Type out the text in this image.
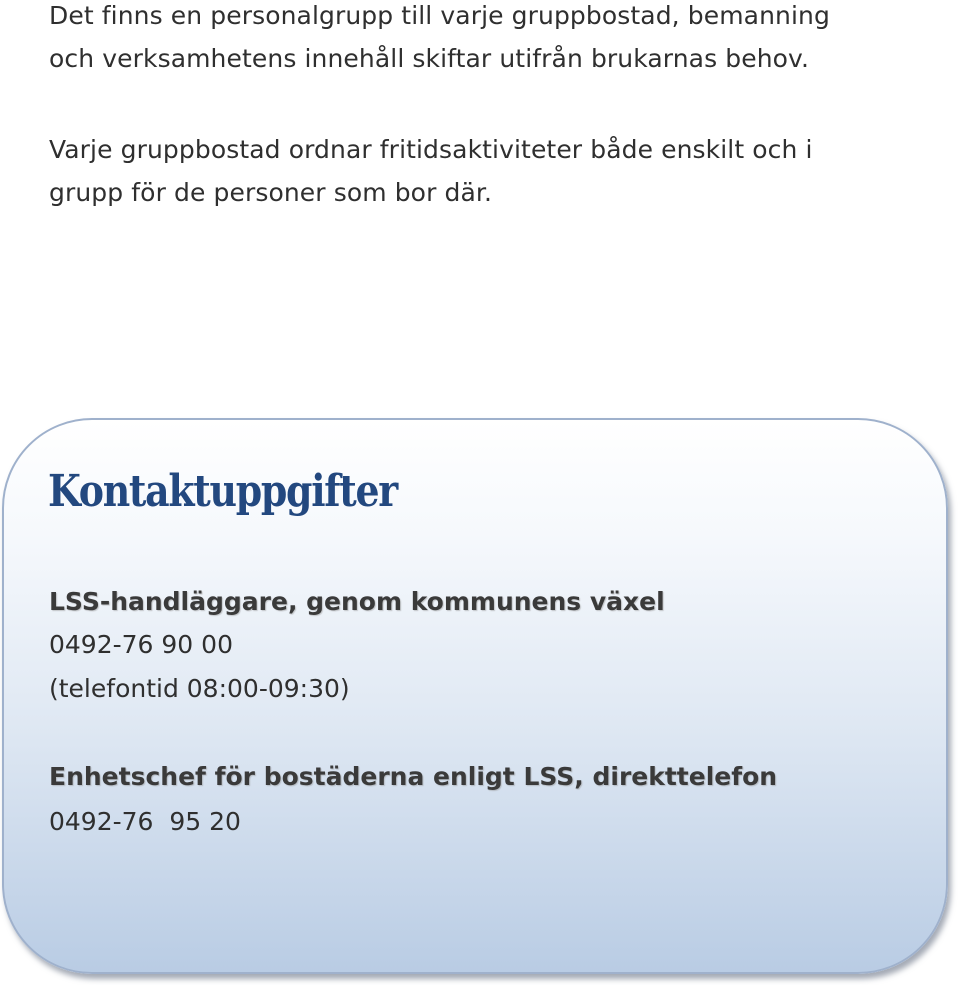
Det finns en personalgrupp till varje gruppbostad, bemanning
och verksamhetens innehåll skiftar utifrån brukarnas behov.

Varje gruppbostad ordnar fritidsaktiviteter både enskilt och i
grupp för de personer som bor där.

Kontaktuppgifter

LSS-handläggare, genom kommunens växel

0492-76 90 00

(telefontid 08:00-09:30)

Enhetschef för bostäderna enligt LSS, direkttelefon

0492-76  95 20
